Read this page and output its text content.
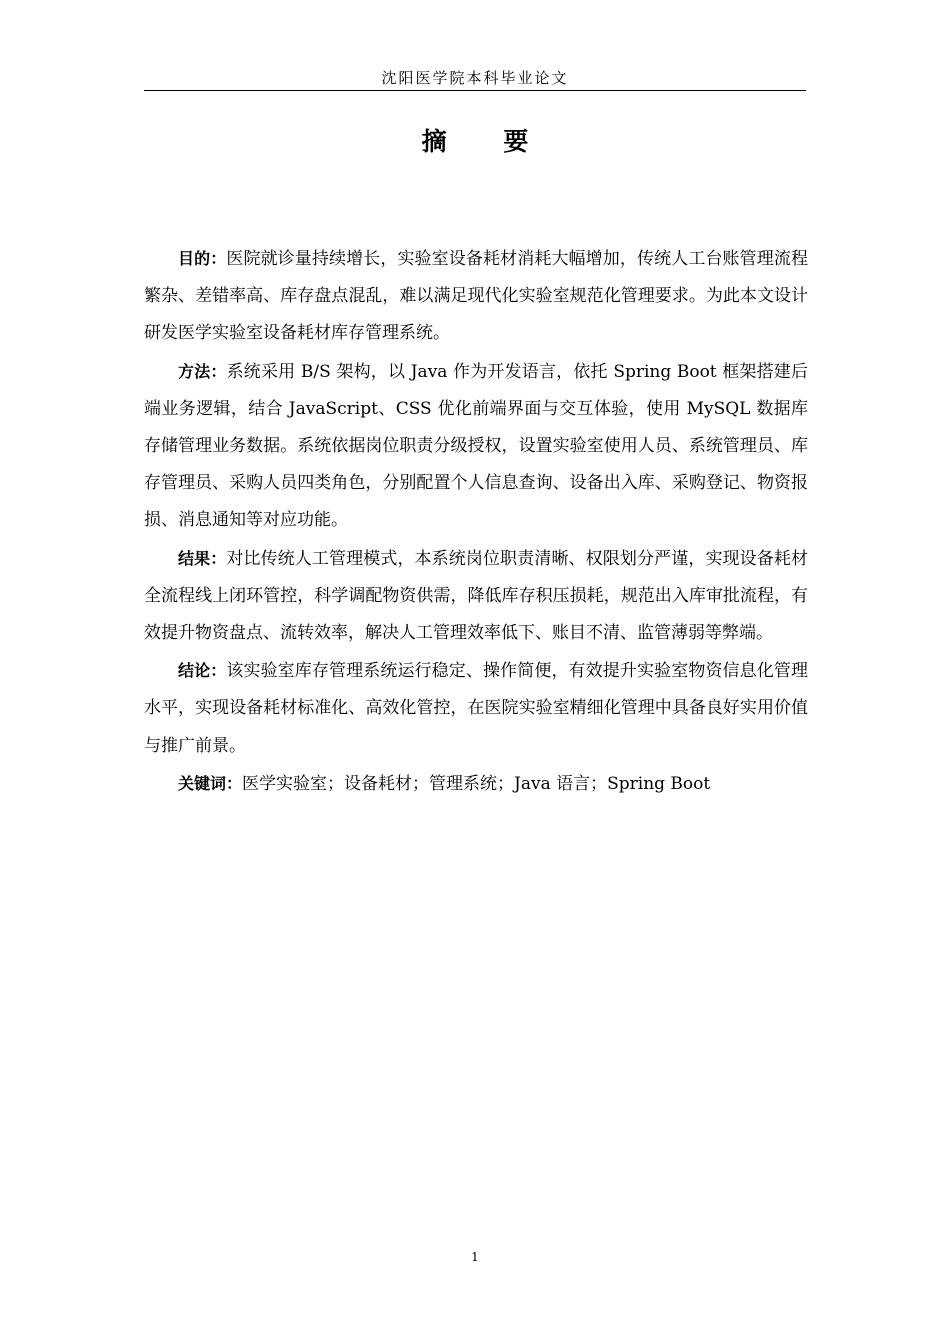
沈阳医学院本科毕业论文
摘 要

目的：医院就诊量持续增长，实验室设备耗材消耗大幅增加，传统人工台账管理流程繁杂、差错率高、库存盘点混乱，难以满足现代化实验室规范化管理要求。为此本文设计研发医学实验室设备耗材库存管理系统。

方法：系统采用 B/S 架构，以 Java 作为开发语言，依托 Spring Boot 框架搭建后端业务逻辑，结合 JavaScript、CSS 优化前端界面与交互体验，使用 MySQL 数据库存储管理业务数据。系统依据岗位职责分级授权，设置实验室使用人员、系统管理员、库存管理员、采购人员四类角色，分别配置个人信息查询、设备出入库、采购登记、物资报损、消息通知等对应功能。

结果：对比传统人工管理模式，本系统岗位职责清晰、权限划分严谨，实现设备耗材全流程线上闭环管控，科学调配物资供需，降低库存积压损耗，规范出入库审批流程，有效提升物资盘点、流转效率，解决人工管理效率低下、账目不清、监管薄弱等弊端。

结论：该实验室库存管理系统运行稳定、操作简便，有效提升实验室物资信息化管理水平，实现设备耗材标准化、高效化管控，在医院实验室精细化管理中具备良好实用价值与推广前景。

关键词：医学实验室；设备耗材；管理系统；Java 语言；Spring Boot

1
